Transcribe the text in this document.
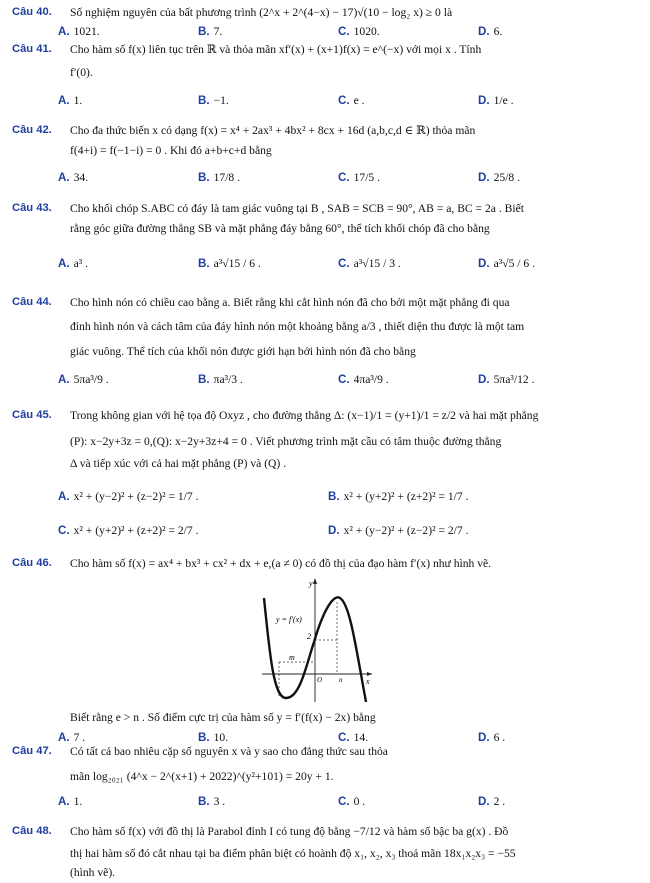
Câu 40.	Số nghiệm nguyên của bất phương trình (2^x + 2^(4−x) − 17)√(10 − log₂ x) ≥ 0 là
A. 1021.	B. 7.	C. 1020.	D. 6.
Câu 41.	Cho hàm số f(x) liên tục trên ℝ và thỏa mãn xf′(x) + (x+1)f(x) = e^(−x) với mọi x . Tính
f′(0).
A. 1.	B. −1.	C. e .	D. 1/e .
Câu 42.	Cho đa thức biến x có dạng f(x) = x⁴ + 2ax³ + 4bx² + 8cx + 16d (a,b,c,d ∈ ℝ) thỏa mãn
f(4+i) = f(−1−i) = 0 . Khi đó a+b+c+d bằng
A. 34.	B. 17/8 .	C. 17/5 .	D. 25/8 .
Câu 43.	Cho khối chóp S.ABC có đáy là tam giác vuông tại B , SAB = SCB = 90°, AB = a, BC = 2a . Biết
rằng góc giữa đường thẳng SB và mặt phẳng đáy bằng 60°, thể tích khối chóp đã cho bằng
A. a³ .	B. a³√15 / 6 .	C. a³√15 / 3 .	D. a³√5 / 6 .
Câu 44.	Cho hình nón có chiều cao bằng a. Biết rằng khi cắt hình nón đã cho bởi một mặt phẳng đi qua
đỉnh hình nón và cách tâm của đáy hình nón một khoảng bằng a/3 , thiết diện thu được là một tam
giác vuông. Thể tích của khối nón được giới hạn bởi hình nón đã cho bằng
A. 5πa³/9 .	B. πa³/3 .	C. 4πa³/9 .	D. 5πa³/12 .
Câu 45.	Trong không gian với hệ tọa độ Oxyz , cho đường thẳng Δ: (x−1)/1 = (y+1)/1 = z/2 và hai mặt phẳng
(P): x−2y+3z = 0,(Q): x−2y+3z+4 = 0 . Viết phương trình mặt cầu có tâm thuộc đường thẳng
Δ và tiếp xúc với cả hai mặt phẳng (P) và (Q) .
A. x² + (y−2)² + (z−2)² = 1/7 .	B. x² + (y+2)² + (z+2)² = 1/7 .
C. x² + (y+2)² + (z+2)² = 2/7 .	D. x² + (y−2)² + (z−2)² = 2/7 .
Câu 46.	Cho hàm số f(x) = ax⁴ + bx³ + cx² + dx + e,(a ≠ 0) có đồ thị của đạo hàm f′(x) như hình vẽ.
y
x
y = f′(x)
2
m
O n
Biết rằng e > n . Số điểm cực trị của hàm số y = f′(f(x) − 2x) bằng
A. 7 .	B. 10.	C. 14.	D. 6 .
Câu 47.	Có tất cả bao nhiêu cặp số nguyên x và y sao cho đẳng thức sau thỏa
mãn log₂₀₂₁ (4^x − 2^(x+1) + 2022)^(y²+101) = 20y + 1.
A. 1.	B. 3 .	C. 0 .	D. 2 .
Câu 48.	Cho hàm số f(x) với đồ thị là Parabol đỉnh I có tung độ bằng −7/12 và hàm số bậc ba g(x) . Đồ
thị hai hàm số đó cắt nhau tại ba điểm phân biệt có hoành độ x₁, x₂, x₃ thoả mãn 18x₁x₂x₃ = −55
(hình vẽ).
